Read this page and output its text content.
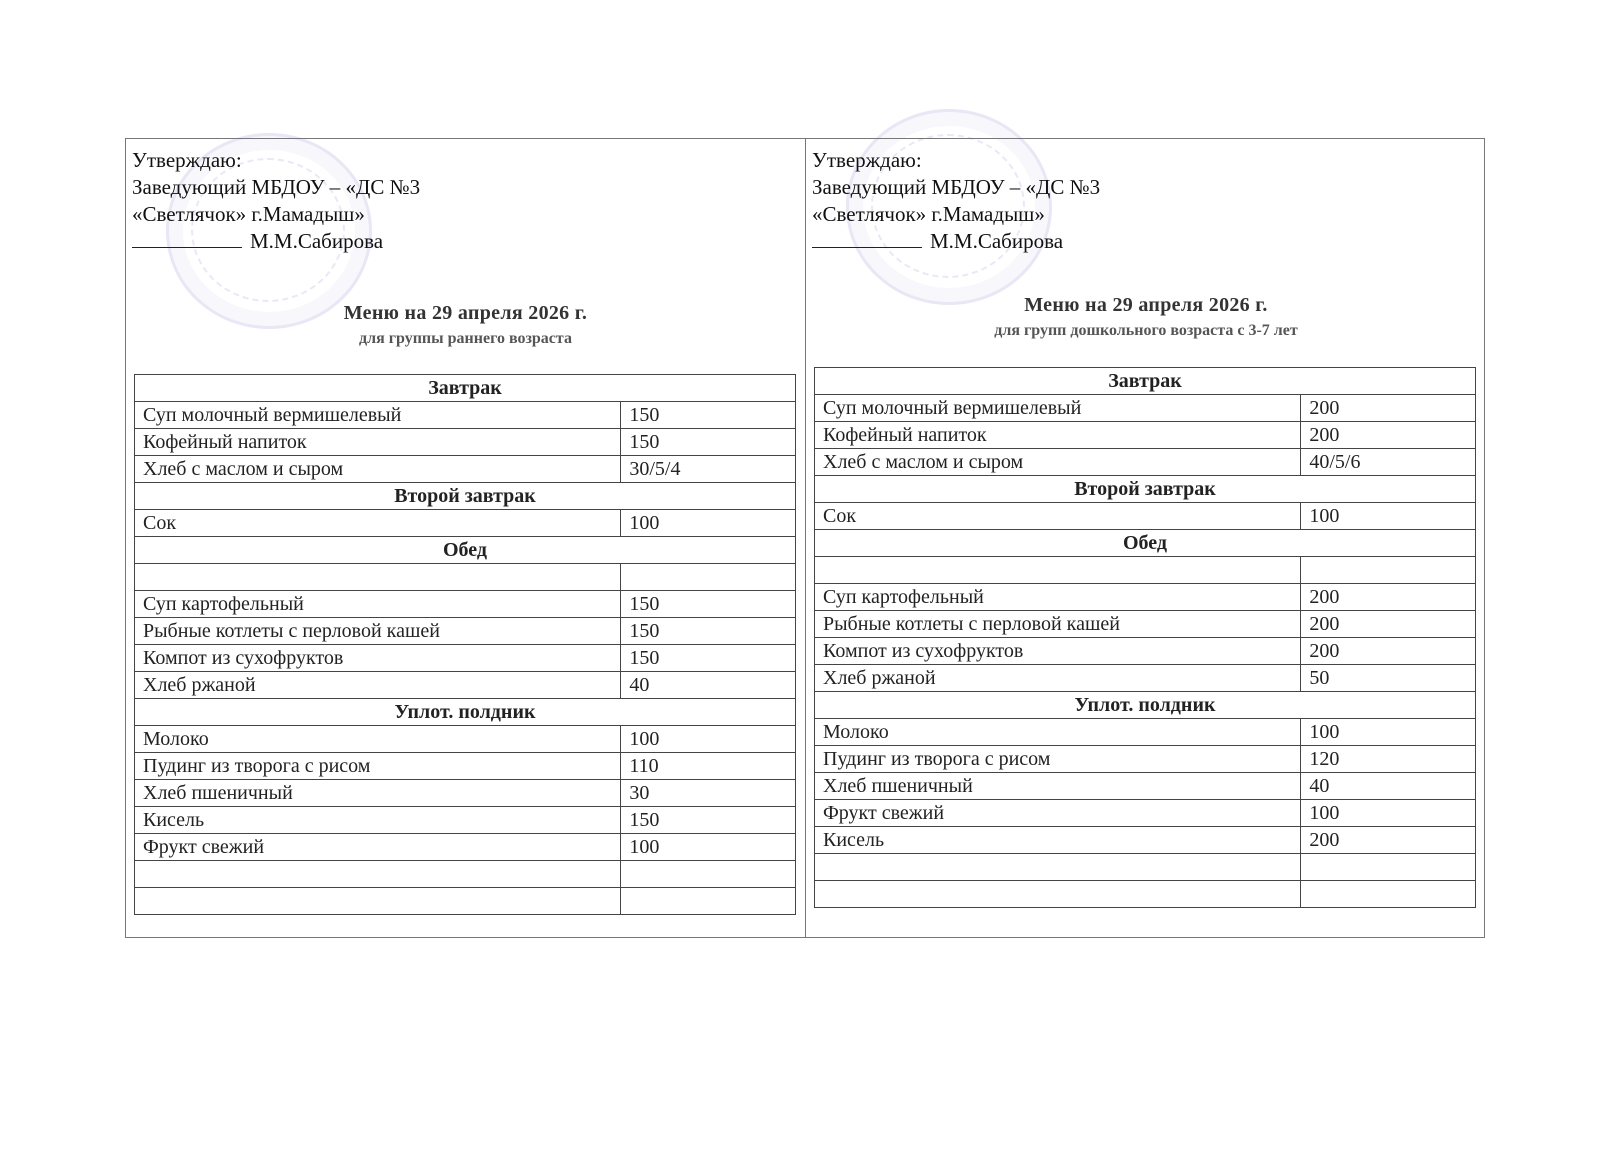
Утверждаю:
Заведующий МБДОУ – «ДС №3
«Светлячок» г.Мамадыш»
М.М.Сабирова
Меню на 29 апреля 2026 г.
для группы раннего возраста
Завтрак	
Суп молочный вермишелевый	150
Кофейный напиток	150
Хлеб с маслом и сыром	30/5/4
Второй завтрак	
Сок	100
Обед	

Суп картофельный	150
Рыбные котлеты с перловой кашей	150
Компот из сухофруктов	150
Хлеб ржаной	40
Уплот. полдник	
Молоко	100
Пудинг из творога с рисом	110
Хлеб пшеничный	30
Кисель	150
Фрукт свежий	100

Утверждаю:
Заведующий МБДОУ – «ДС №3
«Светлячок» г.Мамадыш»
М.М.Сабирова
Меню на 29 апреля 2026 г.
для групп дошкольного возраста с 3-7 лет
Завтрак	
Суп молочный вермишелевый	200
Кофейный напиток	200
Хлеб с маслом и сыром	40/5/6
Второй завтрак	
Сок	100
Обед	

Суп картофельный	200
Рыбные котлеты с перловой кашей	200
Компот из сухофруктов	200
Хлеб ржаной	50
Уплот. полдник	
Молоко	100
Пудинг из творога с рисом	120
Хлеб пшеничный	40
Фрукт свежий	100
Кисель	200
